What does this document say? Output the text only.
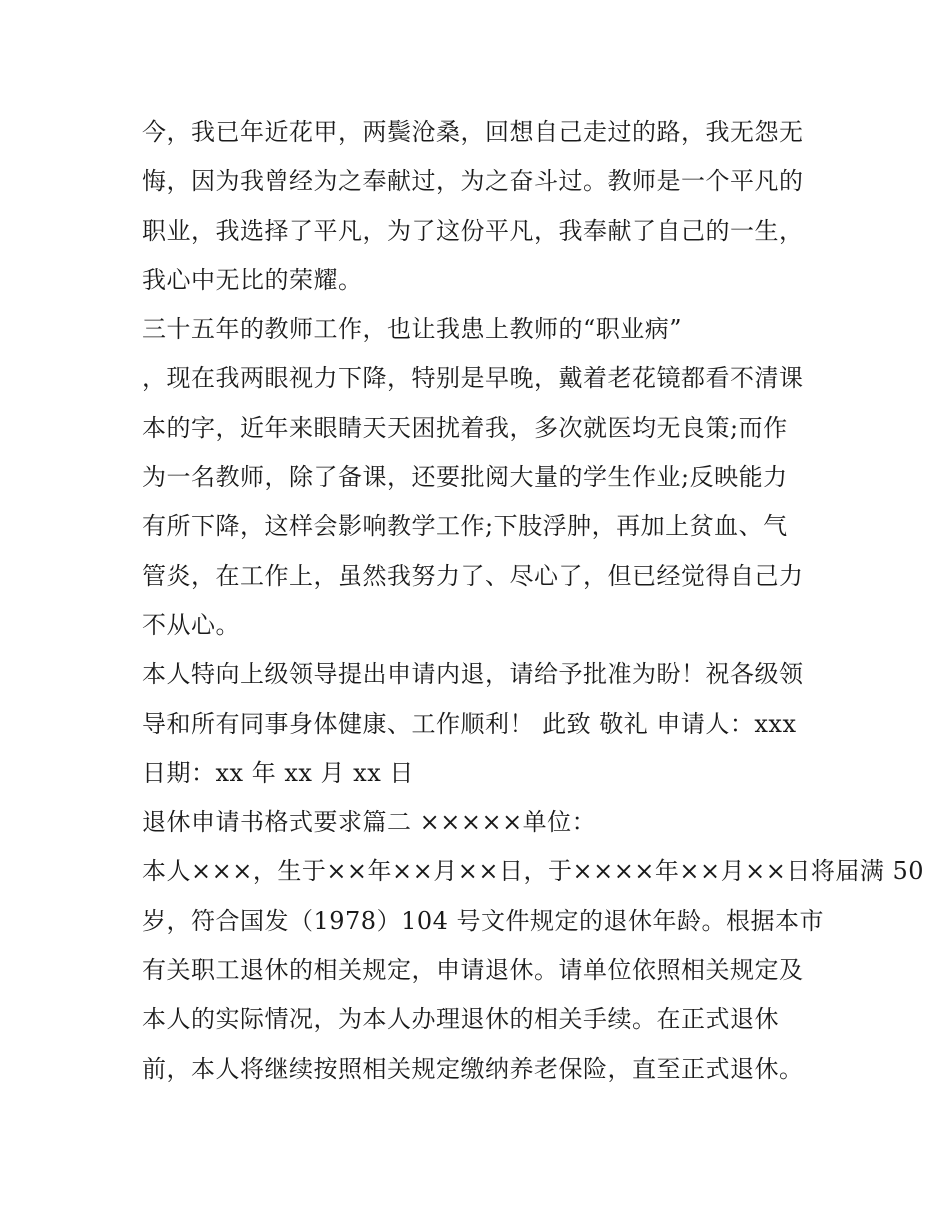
今，我已年近花甲，两鬓沧桑，回想自己走过的路，我无怨无
悔，因为我曾经为之奉献过，为之奋斗过。教师是一个平凡的
职业，我选择了平凡，为了这份平凡，我奉献了自己的一生，
我心中无比的荣耀。
三十五年的教师工作，也让我患上教师的“职业病”
，现在我两眼视力下降，特别是早晚，戴着老花镜都看不清课
本的字，近年来眼睛天天困扰着我，多次就医均无良策;而作
为一名教师，除了备课，还要批阅大量的学生作业;反映能力
有所下降，这样会影响教学工作;下肢浮肿，再加上贫血、气
管炎，在工作上，虽然我努力了、尽心了，但已经觉得自己力
不从心。
本人特向上级领导提出申请内退，请给予批准为盼！祝各级领
导和所有同事身体健康、工作顺利！ 此致 敬礼 申请人：xxx
日期：xx 年 xx 月 xx 日
退休申请书格式要求篇二 ×××××单位：
本人×××，生于××年××月××日，于××××年××月××日将届满 50
岁，符合国发（1978）104 号文件规定的退休年龄。根据本市
有关职工退休的相关规定，申请退休。请单位依照相关规定及
本人的实际情况，为本人办理退休的相关手续。在正式退休
前，本人将继续按照相关规定缴纳养老保险，直至正式退休。
